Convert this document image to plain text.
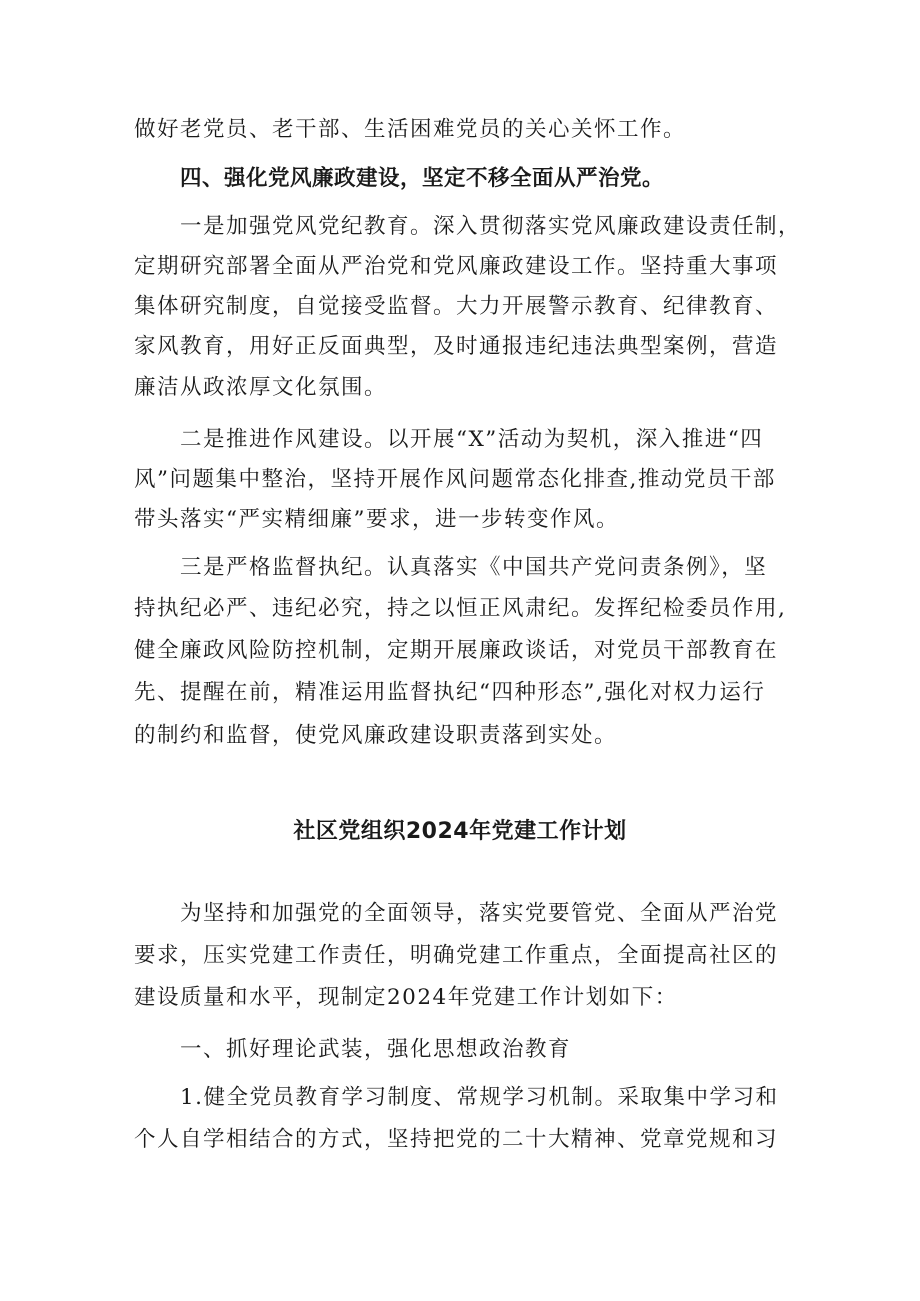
做好老党员、老干部、生活困难党员的关心关怀工作。
四、强化党风廉政建设，坚定不移全面从严治党。
一是加强党风党纪教育。深入贯彻落实党风廉政建设责任制，
定期研究部署全面从严治党和党风廉政建设工作。坚持重大事项
集体研究制度，自觉接受监督。大力开展警示教育、纪律教育、
家风教育，用好正反面典型，及时通报违纪违法典型案例，营造
廉洁从政浓厚文化氛围。
二是推进作风建设。以开展“X”活动为契机，深入推进“四
风”问题集中整治，坚持开展作风问题常态化排查,推动党员干部
带头落实“严实精细廉”要求，进一步转变作风。
三是严格监督执纪。认真落实《中国共产党问责条例》，坚
持执纪必严、违纪必究，持之以恒正风肃纪。发挥纪检委员作用,
健全廉政风险防控机制，定期开展廉政谈话，对党员干部教育在
先、提醒在前，精准运用监督执纪“四种形态”,强化对权力运行
的制约和监督，使党风廉政建设职责落到实处。
社区党组织2024年党建工作计划
为坚持和加强党的全面领导，落实党要管党、全面从严治党
要求，压实党建工作责任，明确党建工作重点，全面提高社区的
建设质量和水平，现制定2024年党建工作计划如下：
一、抓好理论武装，强化思想政治教育
1.健全党员教育学习制度、常规学习机制。采取集中学习和
个人自学相结合的方式，坚持把党的二十大精神、党章党规和习
